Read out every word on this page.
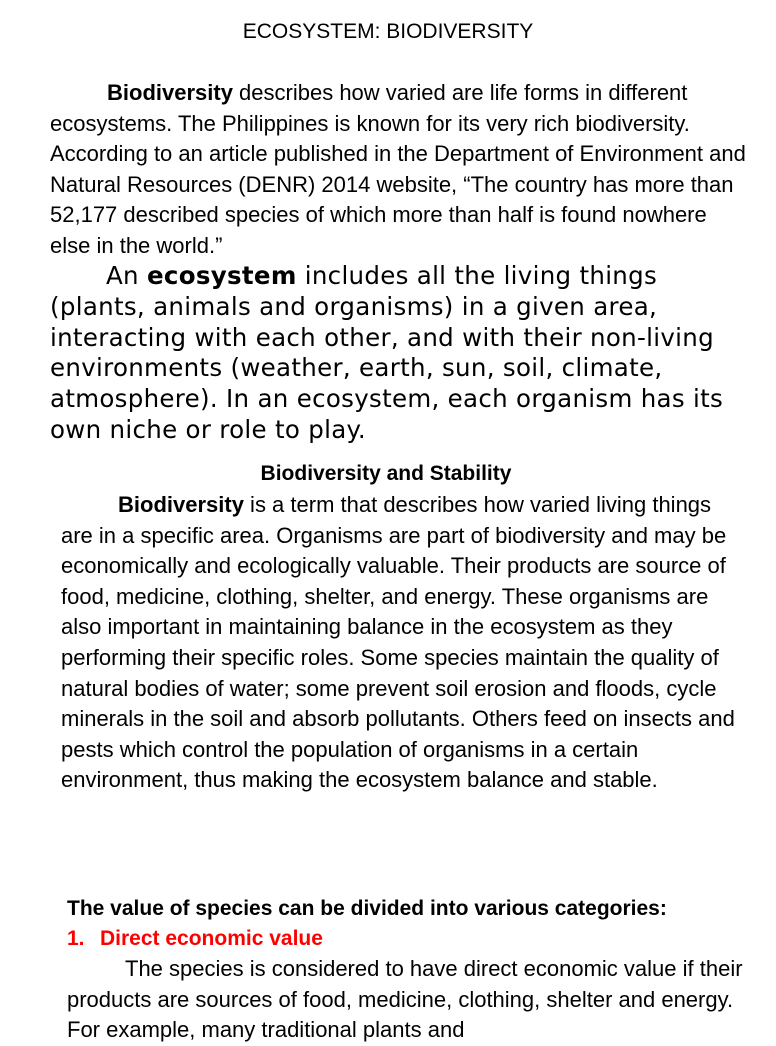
ECOSYSTEM: BIODIVERSITY

Biodiversity describes how varied are life forms in different ecosystems. The Philippines is known for its very rich biodiversity. According to an article published in the Department of Environment and Natural Resources (DENR) 2014 website, “The country has more than 52,177 described species of which more than half is found nowhere else in the world.”

An ecosystem includes all the living things (plants, animals and organisms) in a given area, interacting with each other, and with their non-living environments (weather, earth, sun, soil, climate, atmosphere). In an ecosystem, each organism has its own niche or role to play.

Biodiversity and Stability

Biodiversity is a term that describes how varied living things are in a specific area. Organisms are part of biodiversity and may be economically and ecologically valuable. Their products are source of food, medicine, clothing, shelter, and energy. These organisms are also important in maintaining balance in the ecosystem as they performing their specific roles. Some species maintain the quality of natural bodies of water; some prevent soil erosion and floods, cycle minerals in the soil and absorb pollutants. Others feed on insects and pests which control the population of organisms in a certain environment, thus making the ecosystem balance and stable.

The value of species can be divided into various categories:

1. Direct economic value

The species is considered to have direct economic value if their products are sources of food, medicine, clothing, shelter and energy. For example, many traditional plants and
